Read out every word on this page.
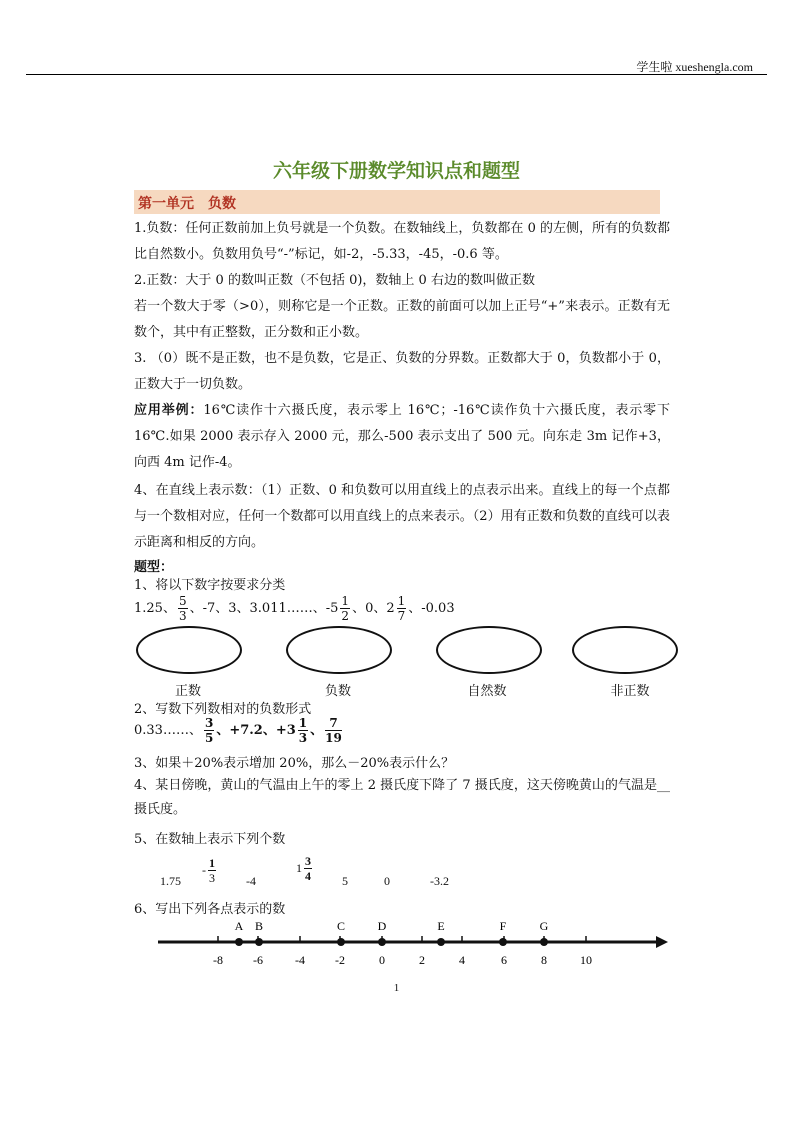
学生啦 xueshengla.com
六年级下册数学知识点和题型
第一单元　负数

1.负数：任何正数前加上负号就是一个负数。在数轴线上，负数都在 0 的左侧，所有的负数都比自然数小。负数用负号“-”标记，如-2，-5.33，-45，-0.6 等。

2.正数：大于 0 的数叫正数（不包括 0)，数轴上 0 右边的数叫做正数

若一个数大于零（>0），则称它是一个正数。正数的前面可以加上正号“+”来表示。正数有无数个，其中有正整数，正分数和正小数。

3. （0）既不是正数，也不是负数，它是正、负数的分界数。正数都大于 0，负数都小于 0，正数大于一切负数。

应用举例：16℃读作十六摄氏度，表示零上 16℃；-16℃读作负十六摄氏度，表示零下 16℃.如果 2000 表示存入 2000 元，那么-500 表示支出了 500 元。向东走 3m 记作+3，向西 4m 记作-4。

4、在直线上表示数：（1）正数、0 和负数可以用直线上的点表示出来。直线上的每一个点都与一个数相对应，任何一个数都可以用直线上的点来表示。（2）用有正数和负数的直线可以表示距离和相反的方向。

题型：
1、将以下数字按要求分类
1.25、 $\frac{5}{3}$ 、-7、3、3.011……、$-5 \frac{1}{2}$ 、0、$2 \frac{1}{7}$ 、-0.03
正数	负数	自然数	非正数
2、写数下列数相对的负数形式
0.33……、 $\frac{3}{5}$ 、+7.2、$+3 \frac{1}{3}$ 、 $\frac{7}{19}$
3、如果＋20%表示增加 20%，那么－20%表示什么？

4、某日傍晚，黄山的气温由上午的零上 2 摄氏度下降了 7 摄氏度，这天傍晚黄山的气温是__摄氏度。

5、在数轴上表示下列个数
1.75
- $\frac{1}{3}$	-4
$1 \frac{3}{4}$	5	0	-3.2
6、写出下列各点表示的数
-8	-6	-4	-2	0	2	4	6	8	10
A B	C	D	E	F	G
1
